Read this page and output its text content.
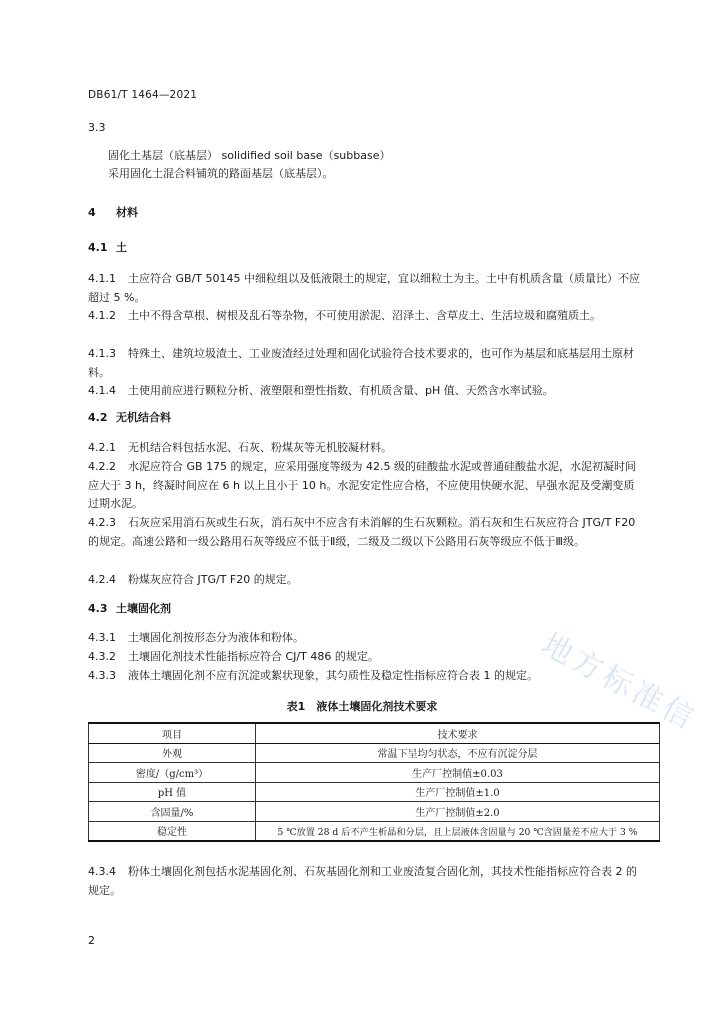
DB61/T 1464—2021
3.3
固化土基层（底基层） solidified soil base（subbase）
采用固化土混合料铺筑的路面基层（底基层）。
4 材料
4.1 土
4.1.1 土应符合 GB/T 50145 中细粒组以及低液限土的规定，宜以细粒土为主。土中有机质含量（质量比）不应超过 5 %。
4.1.2 土中不得含草根、树根及乱石等杂物，不可使用淤泥、沼泽土、含草皮土、生活垃圾和腐殖质土。
4.1.3 特殊土、建筑垃圾渣土、工业废渣经过处理和固化试验符合技术要求的，也可作为基层和底基层用土原材料。
4.1.4 土使用前应进行颗粒分析、液塑限和塑性指数、有机质含量、pH 值、天然含水率试验。
4.2 无机结合料
4.2.1 无机结合料包括水泥、石灰、粉煤灰等无机胶凝材料。
4.2.2 水泥应符合 GB 175 的规定，应采用强度等级为 42.5 级的硅酸盐水泥或普通硅酸盐水泥，水泥初凝时间应大于 3 h，终凝时间应在 6 h 以上且小于 10 h。水泥安定性应合格，不应使用快硬水泥、早强水泥及受潮变质过期水泥。
4.2.3 石灰应采用消石灰或生石灰，消石灰中不应含有未消解的生石灰颗粒。消石灰和生石灰应符合 JTG/T F20 的规定。高速公路和一级公路用石灰等级应不低于Ⅱ级，二级及二级以下公路用石灰等级应不低于Ⅲ级。
4.2.4 粉煤灰应符合 JTG/T F20 的规定。
4.3 土壤固化剂
4.3.1 土壤固化剂按形态分为液体和粉体。
4.3.2 土壤固化剂技术性能指标应符合 CJ/T 486 的规定。
4.3.3 液体土壤固化剂不应有沉淀或絮状现象，其匀质性及稳定性指标应符合表 1 的规定。
表1　液体土壤固化剂技术要求
项目	技术要求
外观	常温下呈均匀状态，不应有沉淀分层
密度/（g/cm³）	生产厂控制值±0.03
pH 值	生产厂控制值±1.0
含固量/%	生产厂控制值±2.0
稳定性	5 ℃放置 28 d 后不产生析晶和分层，且上层液体含固量与 20 ℃含固量差不应大于 3 %
4.3.4 粉体土壤固化剂包括水泥基固化剂、石灰基固化剂和工业废渣复合固化剂，其技术性能指标应符合表 2 的规定。
地方标准信
2
